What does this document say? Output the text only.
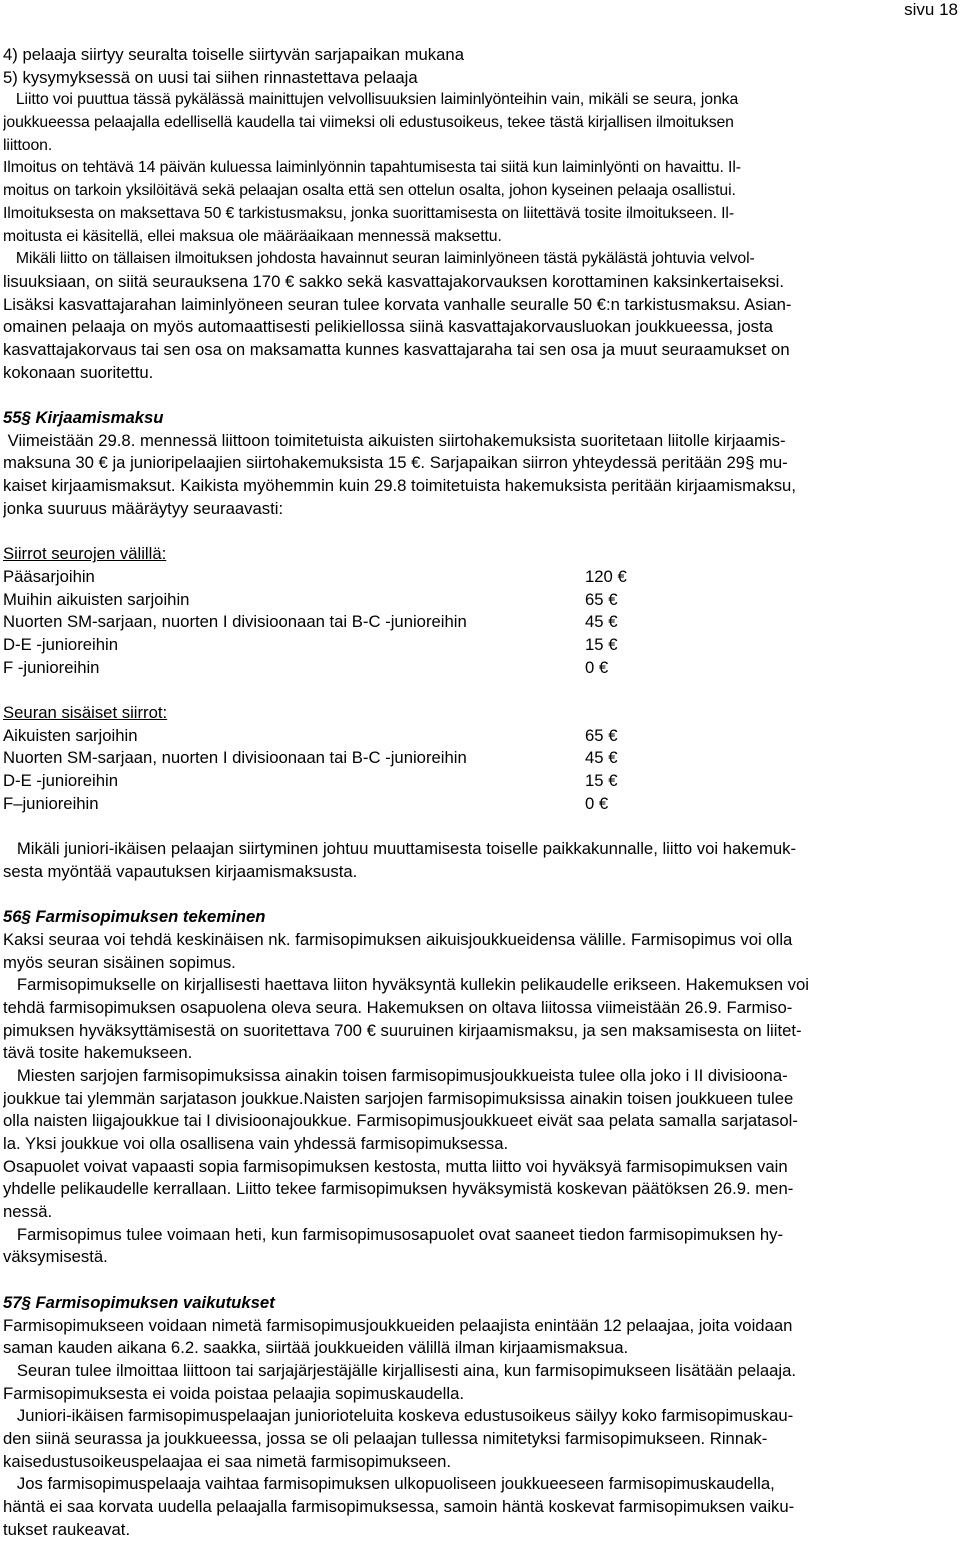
sivu 18
4) pelaaja siirtyy seuralta toiselle siirtyvän sarjapaikan mukana
5) kysymyksessä on uusi tai siihen rinnastettava pelaaja
Liitto voi puuttua tässä pykälässä mainittujen velvollisuuksien laiminlyönteihin vain, mikäli se seura, jonka
joukkueessa pelaajalla edellisellä kaudella tai viimeksi oli edustusoikeus, tekee tästä kirjallisen ilmoituksen
liittoon.
Ilmoitus on tehtävä 14 päivän kuluessa laiminlyönnin tapahtumisesta tai siitä kun laiminlyönti on havaittu. Il-
moitus on tarkoin yksilöitävä sekä pelaajan osalta että sen ottelun osalta, johon kyseinen pelaaja osallistui.
Ilmoituksesta on maksettava 50 € tarkistusmaksu, jonka suorittamisesta on liitettävä tosite ilmoitukseen. Il-
moitusta ei käsitellä, ellei maksua ole määräaikaan mennessä maksettu.
Mikäli liitto on tällaisen ilmoituksen johdosta havainnut seuran laiminlyöneen tästä pykälästä johtuvia velvol-
lisuuksiaan, on siitä seurauksena 170 € sakko sekä kasvattajakorvauksen korottaminen kaksinkertaiseksi.
Lisäksi kasvattajarahan laiminlyöneen seuran tulee korvata vanhalle seuralle 50 €:n tarkistusmaksu. Asian-
omainen pelaaja on myös automaattisesti pelikiellossa siinä kasvattajakorvausluokan joukkueessa, josta
kasvattajakorvaus tai sen osa on maksamatta kunnes kasvattajaraha tai sen osa ja muut seuraamukset on
kokonaan suoritettu.
55§ Kirjaamismaksu
Viimeistään 29.8. mennessä liittoon toimitetuista aikuisten siirtohakemuksista suoritetaan liitolle kirjaamis-
maksuna 30 € ja junioripelaajien siirtohakemuksista 15 €. Sarjapaikan siirron yhteydessä peritään 29§ mu-
kaiset kirjaamismaksut. Kaikista myöhemmin kuin 29.8 toimitetuista hakemuksista peritään kirjaamismaksu,
jonka suuruus määräytyy seuraavasti:
Siirrot seurojen välillä:
Pääsarjoihin	120 €
Muihin aikuisten sarjoihin	65 €
Nuorten SM-sarjaan, nuorten I divisioonaan tai B-C -junioreihin	45 €
D-E -junioreihin	15 €
F -junioreihin	0 €
Seuran sisäiset siirrot:
Aikuisten sarjoihin	65 €
Nuorten SM-sarjaan, nuorten I divisioonaan tai B-C -junioreihin	45 €
D-E -junioreihin	15 €
F–junioreihin	0 €
Mikäli juniori-ikäisen pelaajan siirtyminen johtuu muuttamisesta toiselle paikkakunnalle, liitto voi hakemuk-
sesta myöntää vapautuksen kirjaamismaksusta.
56§ Farmisopimuksen tekeminen
Kaksi seuraa voi tehdä keskinäisen nk. farmisopimuksen aikuisjoukkueidensa välille. Farmisopimus voi olla
myös seuran sisäinen sopimus.
Farmisopimukselle on kirjallisesti haettava liiton hyväksyntä kullekin pelikaudelle erikseen. Hakemuksen voi
tehdä farmisopimuksen osapuolena oleva seura. Hakemuksen on oltava liitossa viimeistään 26.9. Farmiso-
pimuksen hyväksyttämisestä on suoritettava 700 € suuruinen kirjaamismaksu, ja sen maksamisesta on liitet-
tävä tosite hakemukseen.
Miesten sarjojen farmisopimuksissa ainakin toisen farmisopimusjoukkueista tulee olla joko i II divisioona-
joukkue tai ylemmän sarjatason joukkue.Naisten sarjojen farmisopimuksissa ainakin toisen joukkueen tulee
olla naisten liigajoukkue tai I divisioonajoukkue. Farmisopimusjoukkueet eivät saa pelata samalla sarjatasol-
la. Yksi joukkue voi olla osallisena vain yhdessä farmisopimuksessa.
Osapuolet voivat vapaasti sopia farmisopimuksen kestosta, mutta liitto voi hyväksyä farmisopimuksen vain
yhdelle pelikaudelle kerrallaan. Liitto tekee farmisopimuksen hyväksymistä koskevan päätöksen 26.9. men-
nessä.
Farmisopimus tulee voimaan heti, kun farmisopimusosapuolet ovat saaneet tiedon farmisopimuksen hy-
väksymisestä.
57§ Farmisopimuksen vaikutukset
Farmisopimukseen voidaan nimetä farmisopimusjoukkueiden pelaajista enintään 12 pelaajaa, joita voidaan
saman kauden aikana 6.2. saakka, siirtää joukkueiden välillä ilman kirjaamismaksua.
Seuran tulee ilmoittaa liittoon tai sarjajärjestäjälle kirjallisesti aina, kun farmisopimukseen lisätään pelaaja.
Farmisopimuksesta ei voida poistaa pelaajia sopimuskaudella.
Juniori-ikäisen farmisopimuspelaajan juniorioteluita koskeva edustusoikeus säilyy koko farmisopimuskau-
den siinä seurassa ja joukkueessa, jossa se oli pelaajan tullessa nimitetyksi farmisopimukseen. Rinnak-
kaisedustusoikeuspelaajaa ei saa nimetä farmisopimukseen.
Jos farmisopimuspelaaja vaihtaa farmisopimuksen ulkopuoliseen joukkueeseen farmisopimuskaudella,
häntä ei saa korvata uudella pelaajalla farmisopimuksessa, samoin häntä koskevat farmisopimuksen vaiku-
tukset raukeavat.
